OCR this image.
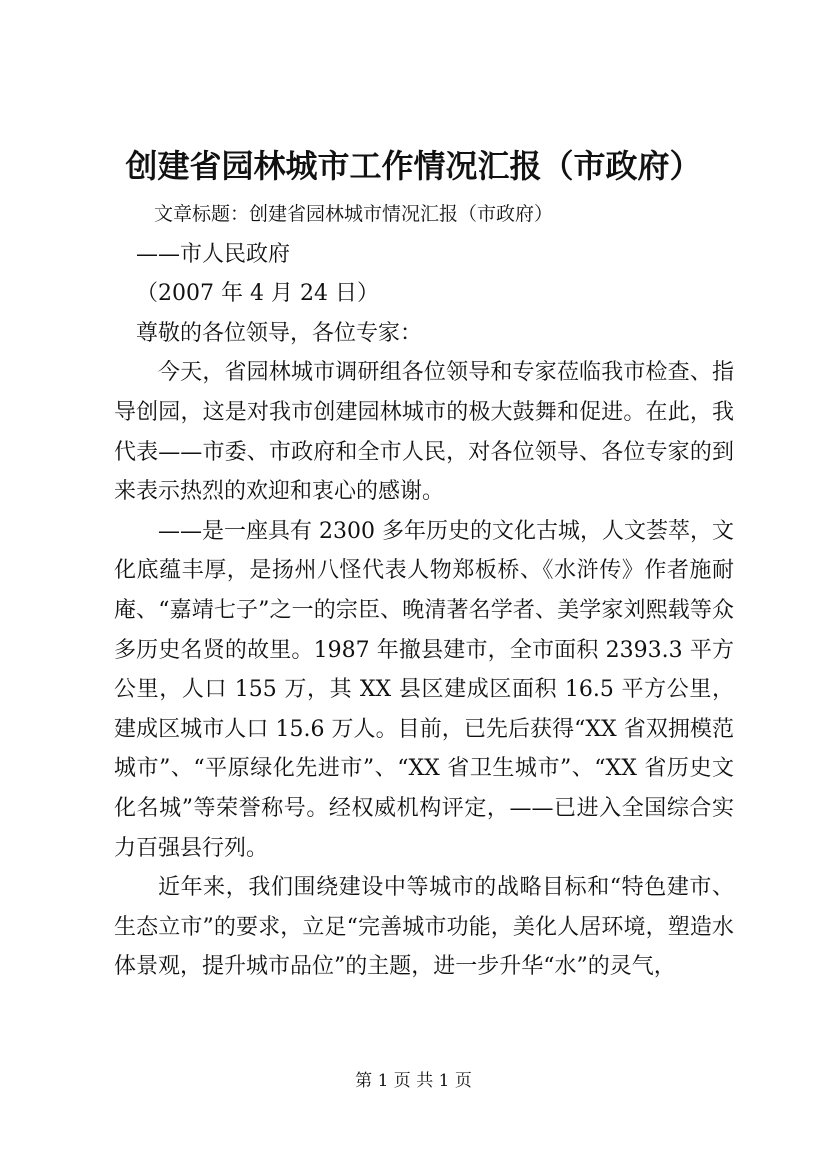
创建省园林城市工作情况汇报（市政府）
文章标题：创建省园林城市情况汇报（市政府）
——市人民政府
（2007 年 4 月 24 日）
尊敬的各位领导，各位专家：

今天，省园林城市调研组各位领导和专家莅临我市检查、指导创园，这是对我市创建园林城市的极大鼓舞和促进。在此，我代表——市委、市政府和全市人民，对各位领导、各位专家的到来表示热烈的欢迎和衷心的感谢。

——是一座具有 2300 多年历史的文化古城，人文荟萃，文化底蕴丰厚，是扬州八怪代表人物郑板桥、《水浒传》作者施耐庵、“嘉靖七子”之一的宗臣、晚清著名学者、美学家刘熙载等众多历史名贤的故里。1987 年撤县建市，全市面积 2393.3 平方公里，人口 155 万，其 XX 县区建成区面积 16.5 平方公里，建成区城市人口 15.6 万人。目前，已先后获得“XX 省双拥模范城市”、“平原绿化先进市”、“XX 省卫生城市”、“XX 省历史文化名城”等荣誉称号。经权威机构评定，——已进入全国综合实力百强县行列。

近年来，我们围绕建设中等城市的战略目标和“特色建市、生态立市”的要求，立足“完善城市功能，美化人居环境，塑造水体景观，提升城市品位”的主题，进一步升华“水”的灵气，

第 1 页 共 1 页
